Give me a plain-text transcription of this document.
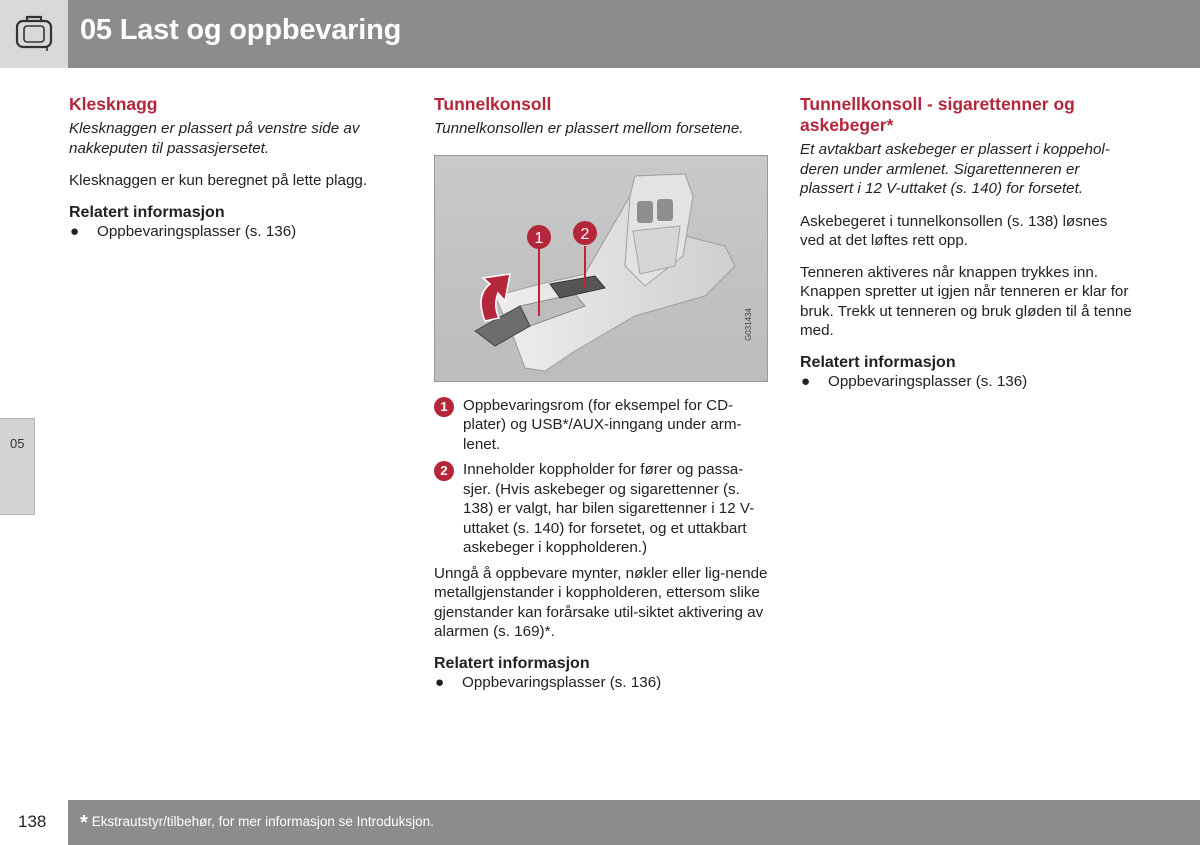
05 Last og oppbevaring
05
Klesknagg
Klesknaggen er plassert på venstre side av nakkeputen til passasjersetet.

Klesknaggen er kun beregnet på lette plagg.

Relatert informasjon
●	Oppbevaringsplasser (s. 136)
Tunnelkonsoll
Tunnelkonsollen er plassert mellom forsetene.
1 2
G031434
1	Oppbevaringsrom (for eksempel for CD-plater) og USB*/AUX-inngang under arm-lenet.
2	Inneholder koppholder for fører og passa-sjer. (Hvis askebeger og sigarettenner (s. 138) er valgt, har bilen sigarettenner i 12 V-uttaket (s. 140) for forsetet, og et uttakbart askebeger i koppholderen.)

Unngå å oppbevare mynter, nøkler eller lig-nende metallgjenstander i koppholderen, ettersom slike gjenstander kan forårsake util-siktet aktivering av alarmen (s. 169)*.

Relatert informasjon
●	Oppbevaringsplasser (s. 136)
Tunnellkonsoll - sigarettenner og askebeger*
Et avtakbart askebeger er plassert i koppehol-deren under armlenet. Sigarettenneren er plassert i 12 V-uttaket (s. 140) for forsetet.

Askebegeret i tunnelkonsollen (s. 138) løsnes ved at det løftes rett opp.

Tenneren aktiveres når knappen trykkes inn. Knappen spretter ut igjen når tenneren er klar for bruk. Trekk ut tenneren og bruk gløden til å tenne med.

Relatert informasjon
●	Oppbevaringsplasser (s. 136)
138 * Ekstrautstyr/tilbehør, for mer informasjon se Introduksjon.
